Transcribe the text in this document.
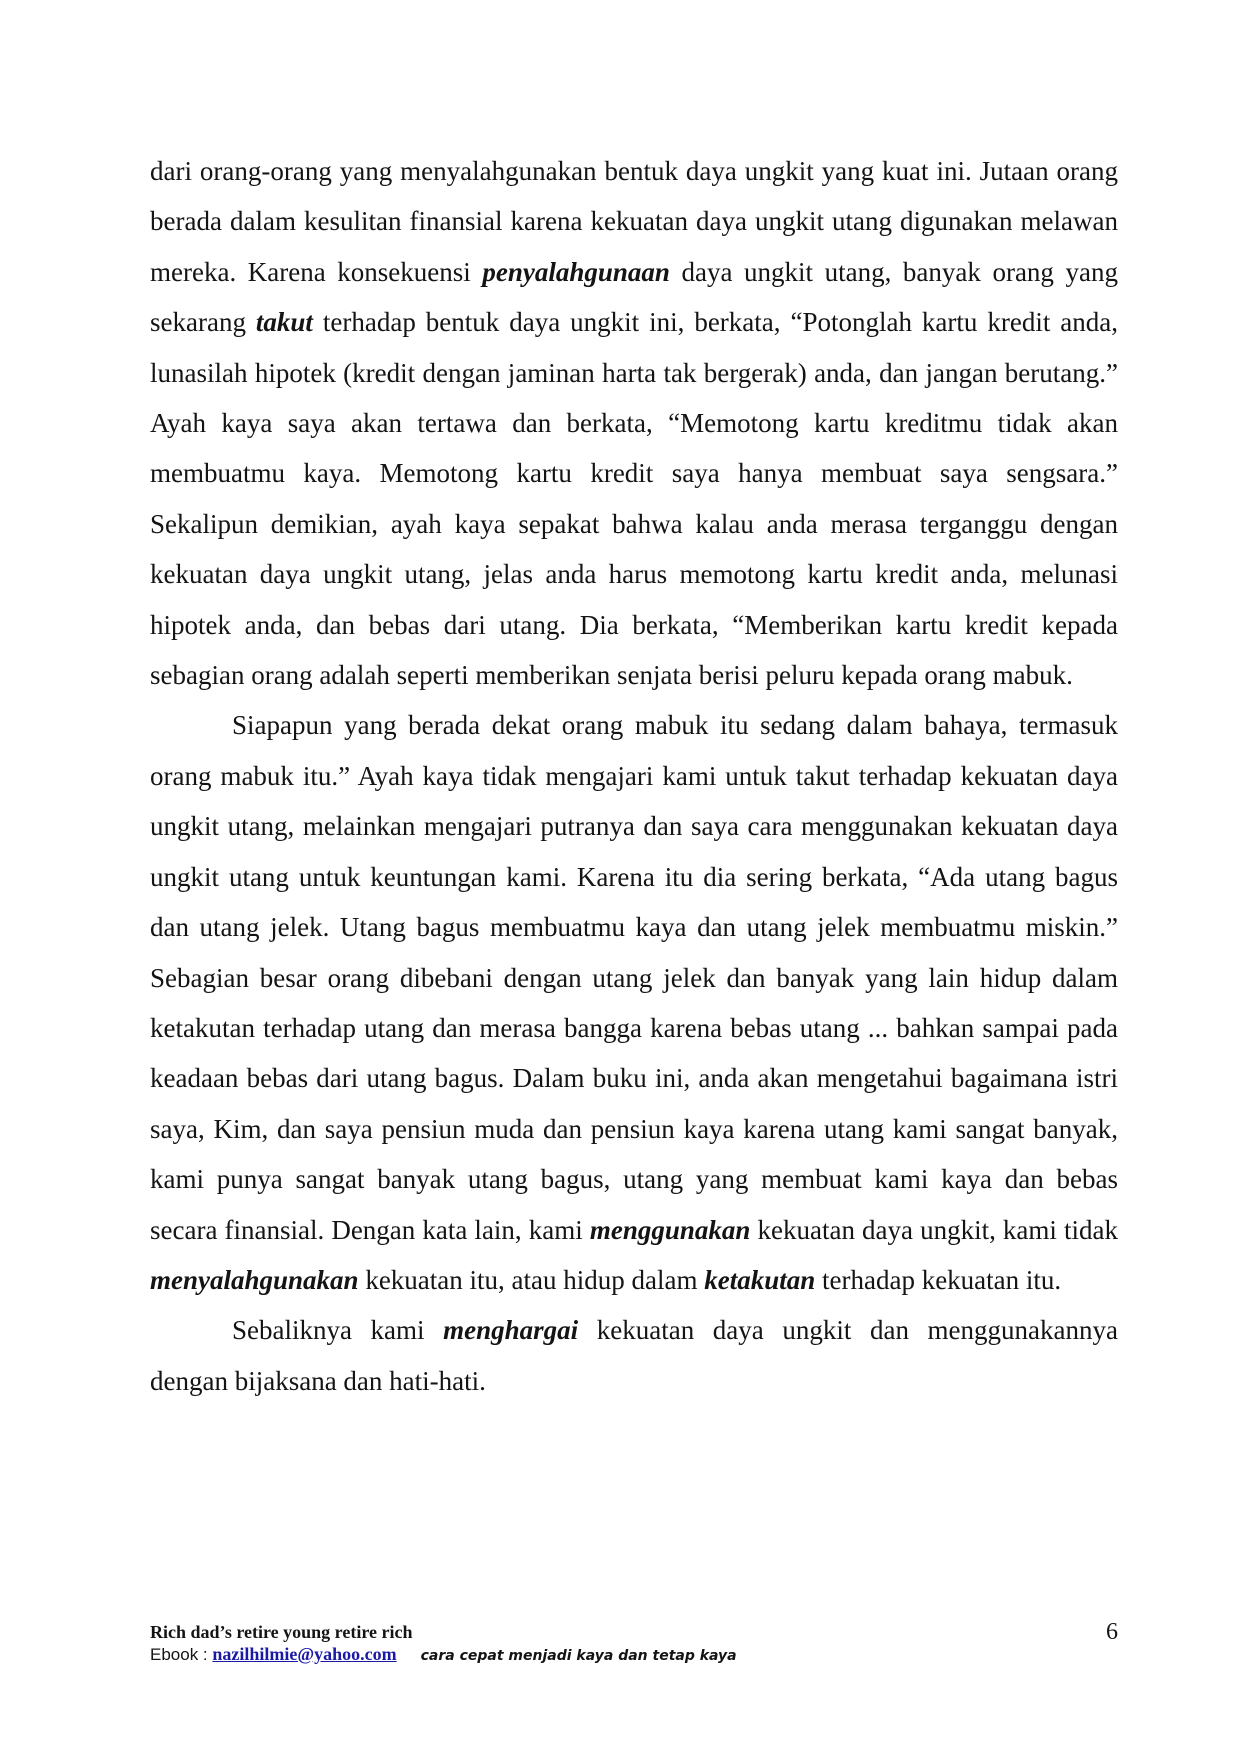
dari orang-orang yang menyalahgunakan bentuk daya ungkit yang kuat ini. Jutaan orang berada dalam kesulitan finansial karena kekuatan daya ungkit utang digunakan melawan mereka. Karena konsekuensi penyalahgunaan daya ungkit utang, banyak orang yang sekarang takut terhadap bentuk daya ungkit ini, berkata, “Potonglah kartu kredit anda, lunasilah hipotek (kredit dengan jaminan harta tak bergerak) anda, dan jangan berutang.” Ayah kaya saya akan tertawa dan berkata, “Memotong kartu kreditmu tidak akan membuatmu kaya. Memotong kartu kredit saya hanya membuat saya sengsara.” Sekalipun demikian, ayah kaya sepakat bahwa kalau anda merasa terganggu dengan kekuatan daya ungkit utang, jelas anda harus memotong kartu kredit anda, melunasi hipotek anda, dan bebas dari utang. Dia berkata, “Memberikan kartu kredit kepada sebagian orang adalah seperti memberikan senjata berisi peluru kepada orang mabuk.

Siapapun yang berada dekat orang mabuk itu sedang dalam bahaya, termasuk orang mabuk itu.” Ayah kaya tidak mengajari kami untuk takut terhadap kekuatan daya ungkit utang, melainkan mengajari putranya dan saya cara menggunakan kekuatan daya ungkit utang untuk keuntungan kami. Karena itu dia sering berkata, “Ada utang bagus dan utang jelek. Utang bagus membuatmu kaya dan utang jelek membuatmu miskin.” Sebagian besar orang dibebani dengan utang jelek dan banyak yang lain hidup dalam ketakutan terhadap utang dan merasa bangga karena bebas utang ... bahkan sampai pada keadaan bebas dari utang bagus. Dalam buku ini, anda akan mengetahui bagaimana istri saya, Kim, dan saya pensiun muda dan pensiun kaya karena utang kami sangat banyak, kami punya sangat banyak utang bagus, utang yang membuat kami kaya dan bebas secara finansial. Dengan kata lain, kami menggunakan kekuatan daya ungkit, kami tidak menyalahgunakan kekuatan itu, atau hidup dalam ketakutan terhadap kekuatan itu.

Sebaliknya kami menghargai kekuatan daya ungkit dan menggunakannya dengan bijaksana dan hati-hati.

Rich dad’s retire young retire rich	6
Ebook : nazilhilmie@yahoo.com cara cepat menjadi kaya dan tetap kaya
